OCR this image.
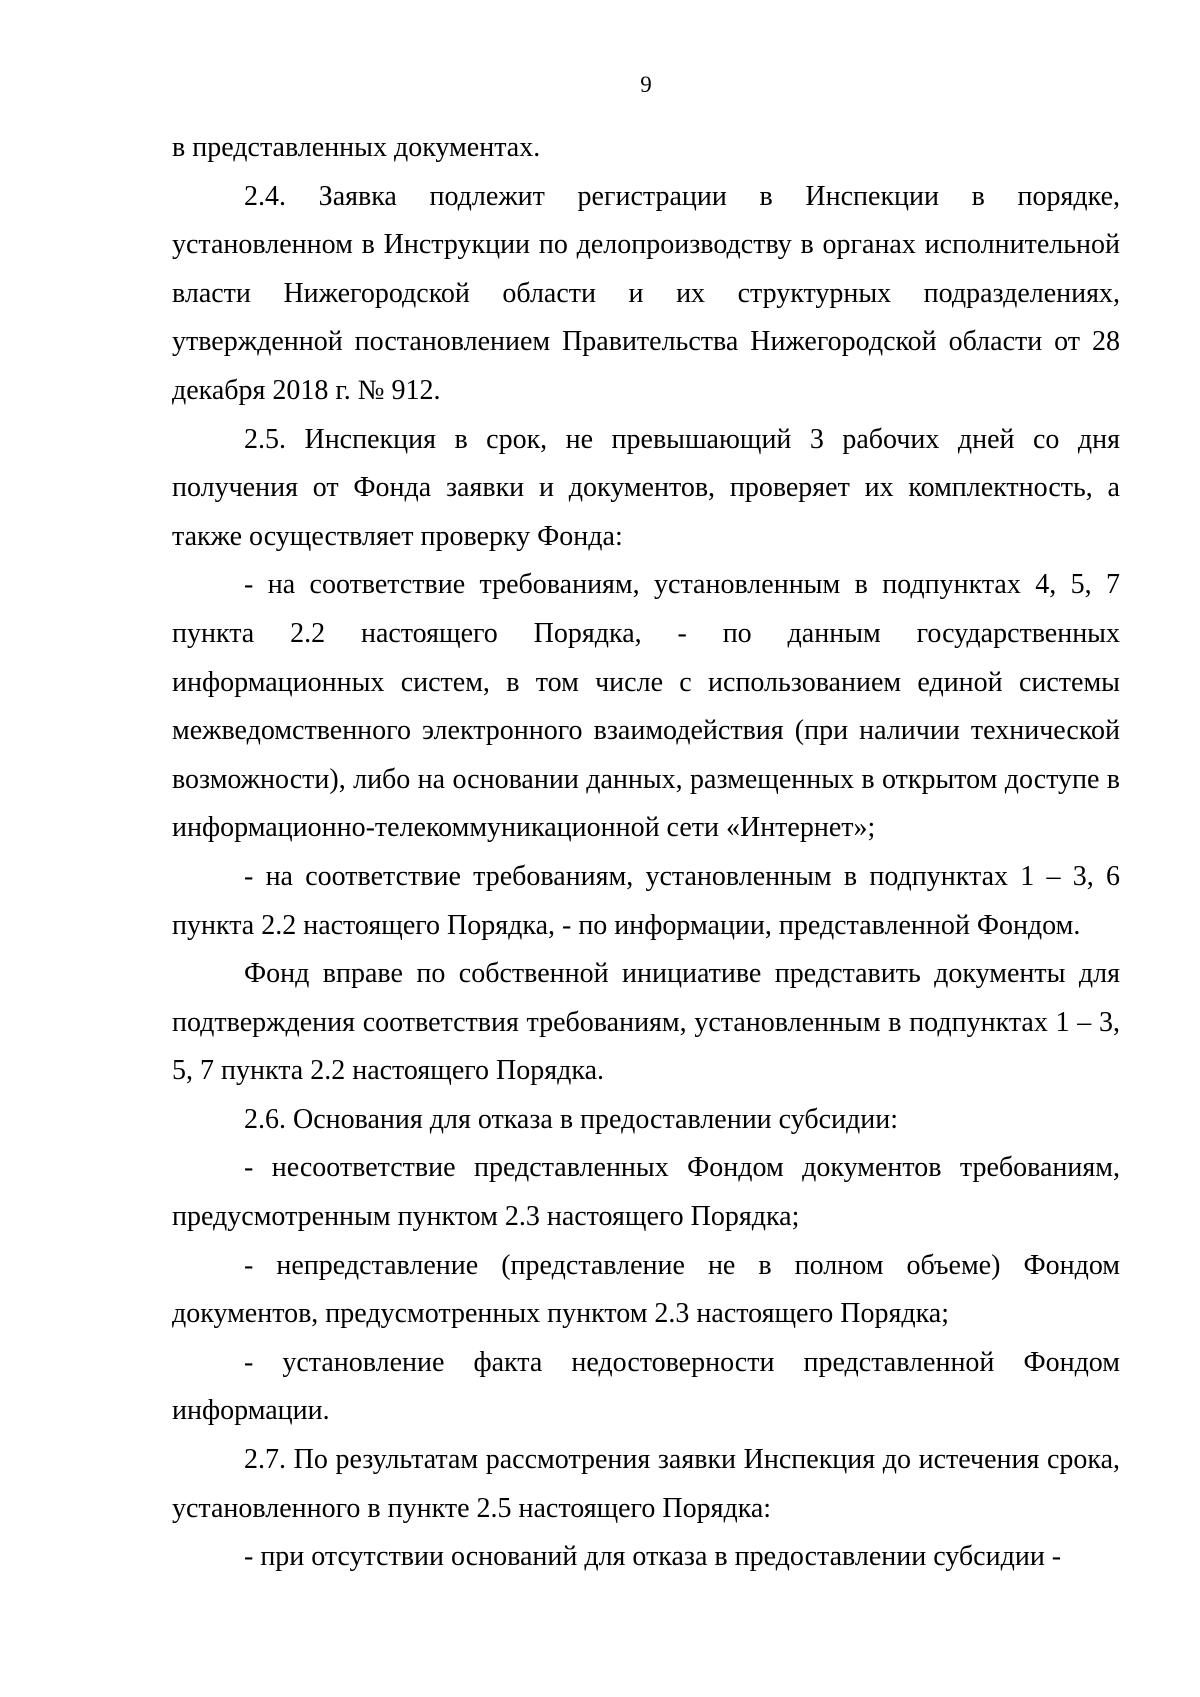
9

в представленных документах.

2.4. Заявка подлежит регистрации в Инспекции в порядке, установленном в Инструкции по делопроизводству в органах исполнительной власти Нижегородской области и их структурных подразделениях, утвержденной постановлением Правительства Нижегородской области от 28 декабря 2018 г. № 912.

2.5. Инспекция в срок, не превышающий 3 рабочих дней со дня получения от Фонда заявки и документов, проверяет их комплектность, а также осуществляет проверку Фонда:

- на соответствие требованиям, установленным в подпунктах 4, 5, 7 пункта 2.2 настоящего Порядка, - по данным государственных информационных систем, в том числе с использованием единой системы межведомственного электронного взаимодействия (при наличии технической возможности), либо на основании данных, размещенных в открытом доступе в информационно-телекоммуникационной сети «Интернет»;

- на соответствие требованиям, установленным в подпунктах 1 – 3, 6 пункта 2.2 настоящего Порядка, - по информации, представленной Фондом.

Фонд вправе по собственной инициативе представить документы для подтверждения соответствия требованиям, установленным в подпунктах 1 – 3, 5, 7 пункта 2.2 настоящего Порядка.

2.6. Основания для отказа в предоставлении субсидии:

- несоответствие представленных Фондом документов требованиям, предусмотренным пунктом 2.3 настоящего Порядка;

- непредставление (представление не в полном объеме) Фондом документов, предусмотренных пунктом 2.3 настоящего Порядка;

- установление факта недостоверности представленной Фондом информации.

2.7. По результатам рассмотрения заявки Инспекция до истечения срока, установленного в пункте 2.5 настоящего Порядка:

- при отсутствии оснований для отказа в предоставлении субсидии -
